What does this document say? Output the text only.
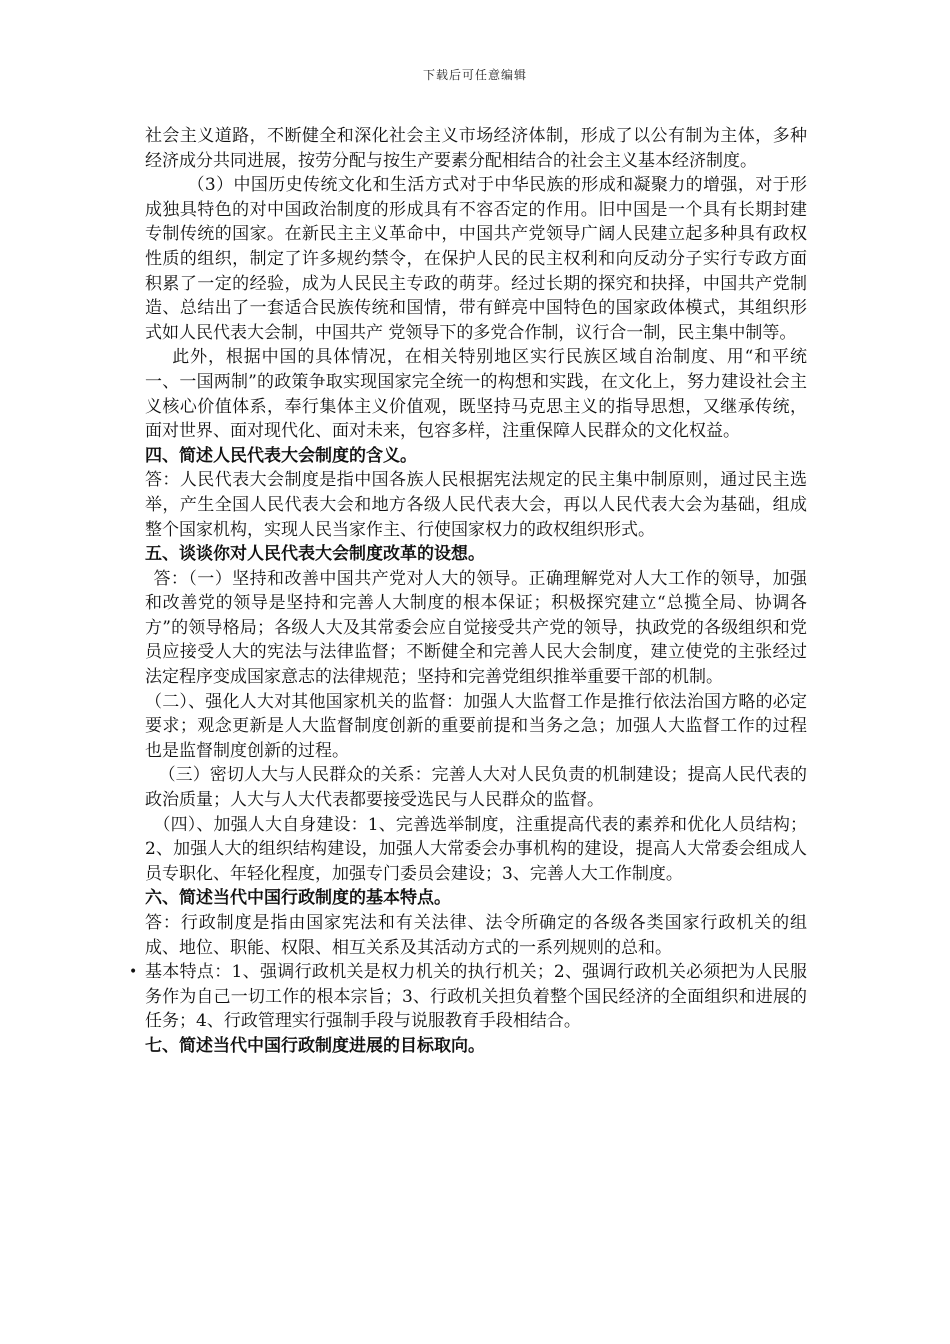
下载后可任意编辑

社会主义道路，不断健全和深化社会主义市场经济体制，形成了以公有制为主体，多种经济成分共同进展，按劳分配与按生产要素分配相结合的社会主义基本经济制度。

（3）中国历史传统文化和生活方式对于中华民族的形成和凝聚力的增强，对于形成独具特色的对中国政治制度的形成具有不容否定的作用。旧中国是一个具有长期封建专制传统的国家。在新民主主义革命中，中国共产党领导广阔人民建立起多种具有政权性质的组织，制定了许多规约禁令，在保护人民的民主权利和向反动分子实行专政方面积累了一定的经验，成为人民民主专政的萌芽。经过长期的探究和抉择，中国共产党制造、总结出了一套适合民族传统和国情，带有鲜亮中国特色的国家政体模式，其组织形式如人民代表大会制，中国共产 党领导下的多党合作制，议行合一制，民主集中制等。

此外，根据中国的具体情况，在相关特别地区实行民族区域自治制度、用“和平统一、一国两制”的政策争取实现国家完全统一的构想和实践，在文化上，努力建设社会主义核心价值体系，奉行集体主义价值观，既坚持马克思主义的指导思想，又继承传统，面对世界、面对现代化、面对未来，包容多样，注重保障人民群众的文化权益。

四、简述人民代表大会制度的含义。

答：人民代表大会制度是指中国各族人民根据宪法规定的民主集中制原则，通过民主选举，产生全国人民代表大会和地方各级人民代表大会，再以人民代表大会为基础，组成整个国家机构，实现人民当家作主、行使国家权力的政权组织形式。

五、谈谈你对人民代表大会制度改革的设想。

答：（一）坚持和改善中国共产党对人大的领导。正确理解党对人大工作的领导，加强和改善党的领导是坚持和完善人大制度的根本保证；积极探究建立“总揽全局、协调各方”的领导格局；各级人大及其常委会应自觉接受共产党的领导，执政党的各级组织和党员应接受人大的宪法与法律监督；不断健全和完善人民大会制度，建立使党的主张经过法定程序变成国家意志的法律规范；坚持和完善党组织推举重要干部的机制。

（二）、强化人大对其他国家机关的监督：加强人大监督工作是推行依法治国方略的必定要求；观念更新是人大监督制度创新的重要前提和当务之急；加强人大监督工作的过程也是监督制度创新的过程。

（三）密切人大与人民群众的关系：完善人大对人民负责的机制建设；提高人民代表的政治质量；人大与人大代表都要接受选民与人民群众的监督。

（四）、加强人大自身建设：1、完善选举制度，注重提高代表的素养和优化人员结构；2、加强人大的组织结构建设，加强人大常委会办事机构的建设，提高人大常委会组成人员专职化、年轻化程度，加强专门委员会建设；3、完善人大工作制度。

六、简述当代中国行政制度的基本特点。

答：行政制度是指由国家宪法和有关法律、法令所确定的各级各类国家行政机关的组成、地位、职能、权限、相互关系及其活动方式的一系列规则的总和。

• 基本特点：1、强调行政机关是权力机关的执行机关；2、强调行政机关必须把为人民服务作为自己一切工作的根本宗旨；3、行政机关担负着整个国民经济的全面组织和进展的任务；4、行政管理实行强制手段与说服教育手段相结合。

七、简述当代中国行政制度进展的目标取向。
